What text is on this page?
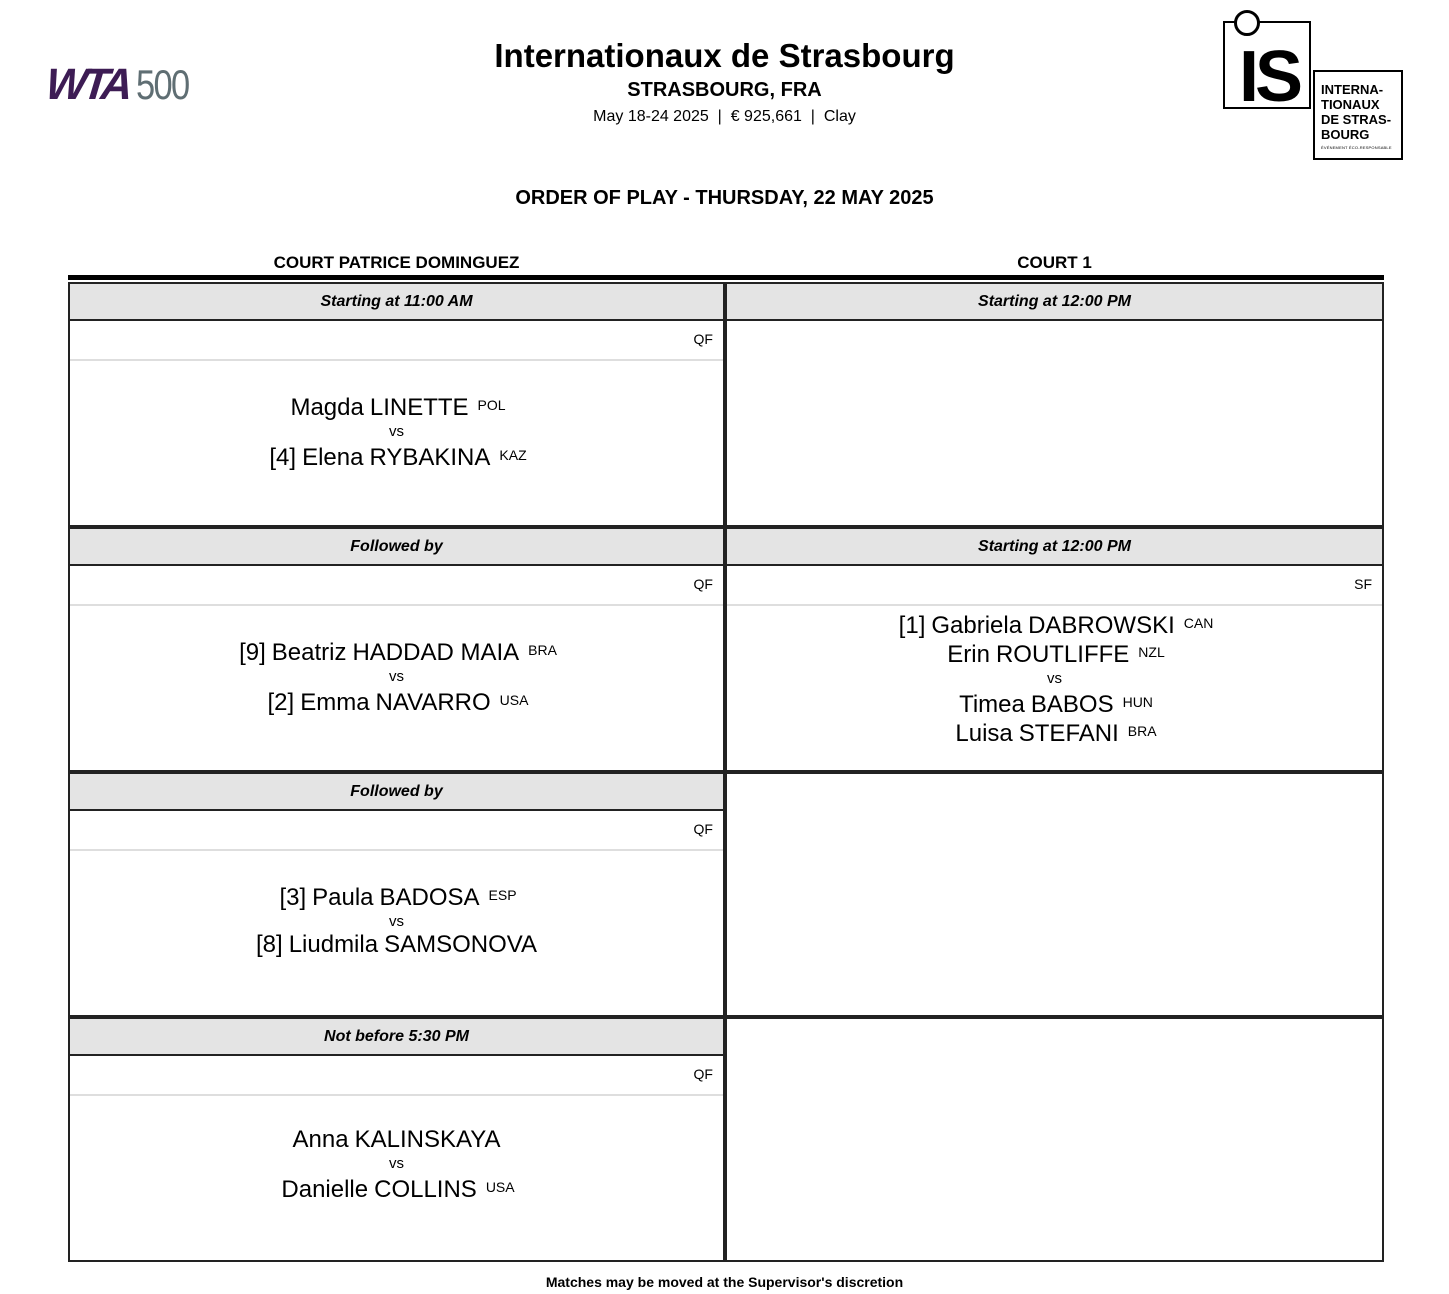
WTA 500
Internationaux de Strasbourg
STRASBOURG, FRA
May 18-24 2025  |  € 925,661  |  Clay	IS INTERNA-
TIONAUX
DE STRAS-
BOURG
ÉVÉNEMENT ÉCO-RESPONSABLE
ORDER OF PLAY - THURSDAY, 22 MAY 2025
COURT PATRICE DOMINGUEZ	COURT 1
Starting at 11:00 AM
QF
Magda LINETTE $^{POL}$
vs
[4] Elena RYBAKINA $^{KAZ}$
Followed by
QF
[9] Beatriz HADDAD MAIA $^{BRA}$
vs
[2] Emma NAVARRO $^{USA}$
Followed by
QF
[3] Paula BADOSA $^{ESP}$
vs
[8] Liudmila SAMSONOVA
Not before 5:30 PM
QF
Anna KALINSKAYA
vs
Danielle COLLINS $^{USA}$
Starting at 12:00 PM
Starting at 12:00 PM
SF
[1] Gabriela DABROWSKI $^{CAN}$
Erin ROUTLIFFE $^{NZL}$
vs
Timea BABOS $^{HUN}$
Luisa STEFANI $^{BRA}$
Matches may be moved at the Supervisor's discretion
